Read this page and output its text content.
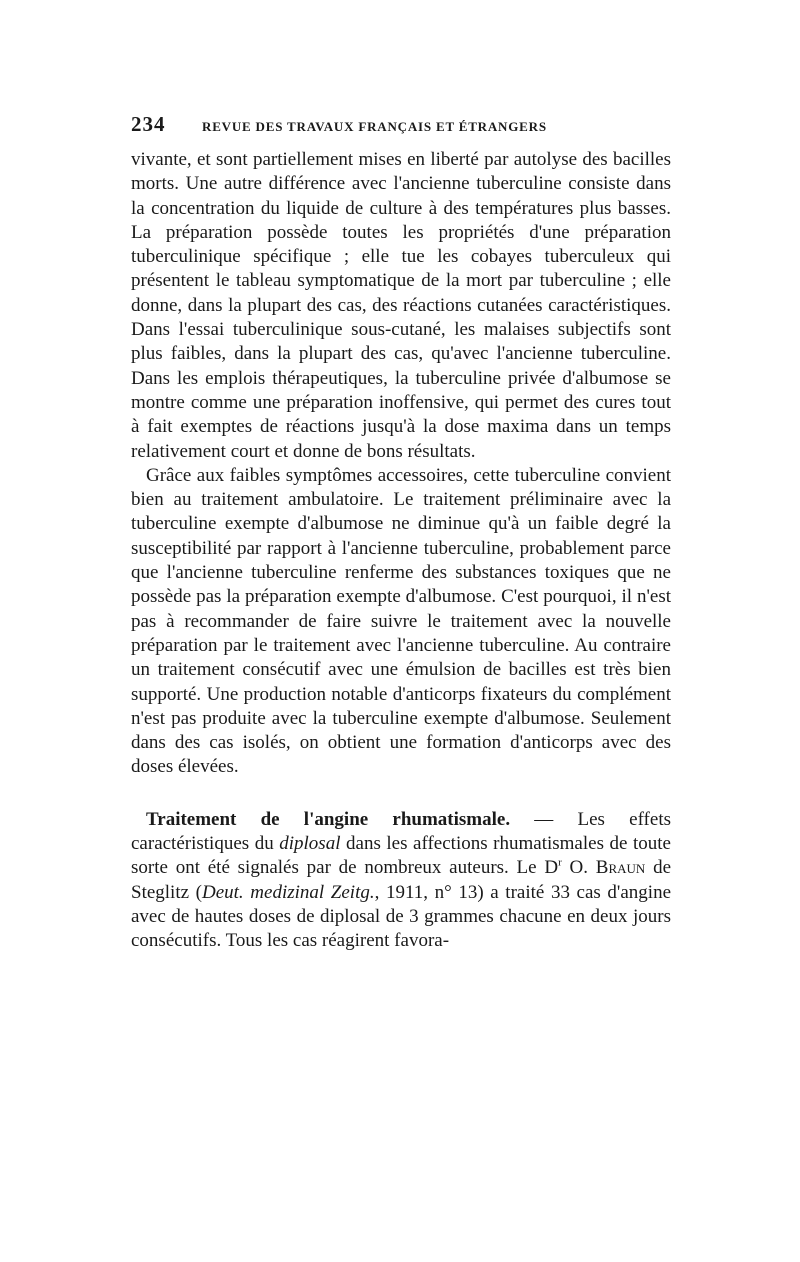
234	REVUE DES TRAVAUX FRANÇAIS ET ÉTRANGERS

vivante, et sont partiellement mises en liberté par autolyse des bacilles morts. Une autre différence avec l'ancienne tuberculine consiste dans la concentration du liquide de culture à des températures plus basses. La préparation possède toutes les propriétés d'une préparation tuberculinique spécifique ; elle tue les cobayes tuberculeux qui présentent le tableau symptomatique de la mort par tuberculine ; elle donne, dans la plupart des cas, des réactions cutanées caractéristiques. Dans l'essai tuberculinique sous-cutané, les malaises subjectifs sont plus faibles, dans la plupart des cas, qu'avec l'ancienne tuberculine. Dans les emplois thérapeutiques, la tuberculine privée d'albumose se montre comme une préparation inoffensive, qui permet des cures tout à fait exemptes de réactions jusqu'à la dose maxima dans un temps relativement court et donne de bons résultats.

Grâce aux faibles symptômes accessoires, cette tuberculine convient bien au traitement ambulatoire. Le traitement préliminaire avec la tuberculine exempte d'albumose ne diminue qu'à un faible degré la susceptibilité par rapport à l'ancienne tuberculine, probablement parce que l'ancienne tuberculine renferme des substances toxiques que ne possède pas la préparation exempte d'albumose. C'est pourquoi, il n'est pas à recommander de faire suivre le traitement avec la nouvelle préparation par le traitement avec l'ancienne tuberculine. Au contraire un traitement consécutif avec une émulsion de bacilles est très bien supporté. Une production notable d'anticorps fixateurs du complément n'est pas produite avec la tuberculine exempte d'albumose. Seulement dans des cas isolés, on obtient une formation d'anticorps avec des doses élevées.

Traitement de l'angine rhumatismale. — Les effets caractéristiques du diplosal dans les affections rhumatismales de toute sorte ont été signalés par de nombreux auteurs. Le $D^r$ O. Braun de Steglitz (Deut. medizinal Zeitg., 1911, n° 13) a traité 33 cas d'angine avec de hautes doses de diplosal de 3 grammes chacune en deux jours consécutifs. Tous les cas réagirent favora-
